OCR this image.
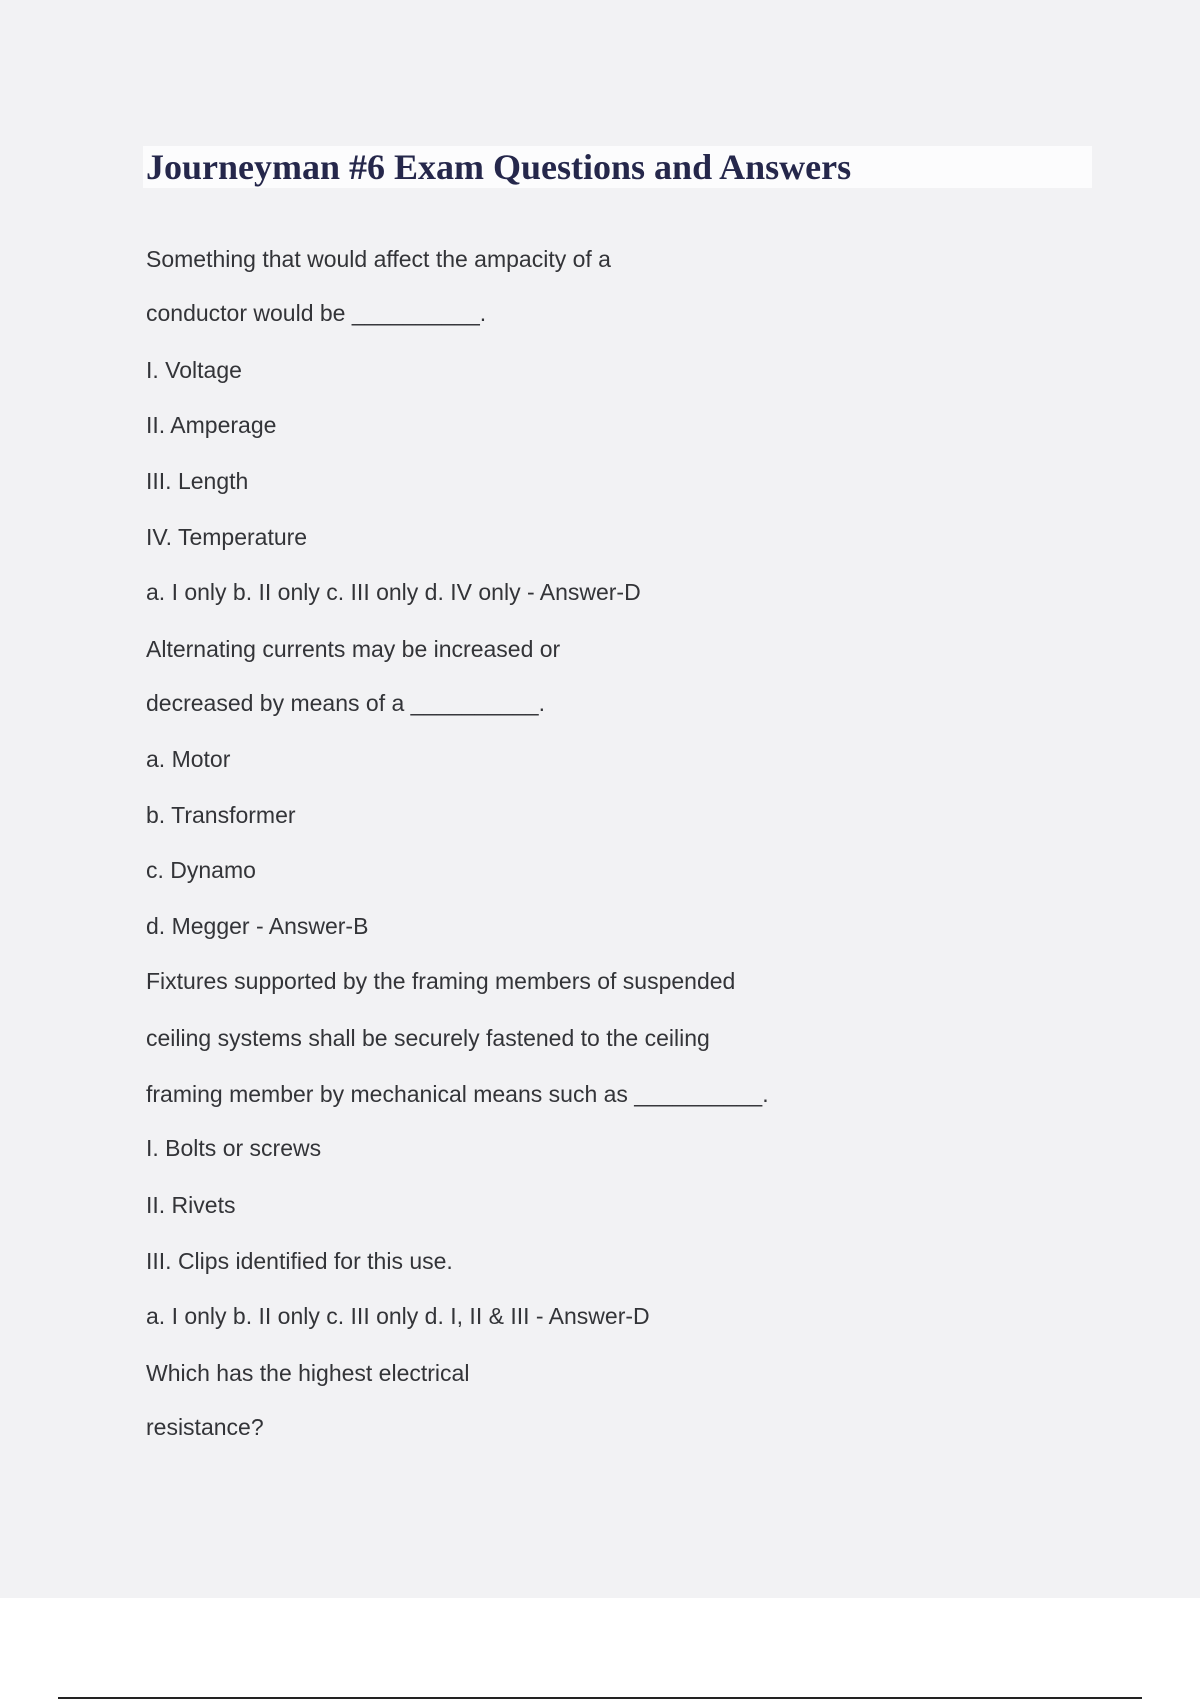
Journeyman #6 Exam Questions and Answers

Something that would affect the ampacity of a

conductor would be __________.

I. Voltage

II. Amperage

III. Length

IV. Temperature

a. I only b. II only c. III only d. IV only - Answer-D

Alternating currents may be increased or

decreased by means of a __________.

a. Motor

b. Transformer

c. Dynamo

d. Megger - Answer-B

Fixtures supported by the framing members of suspended

ceiling systems shall be securely fastened to the ceiling

framing member by mechanical means such as __________.

I. Bolts or screws

II. Rivets

III. Clips identified for this use.

a. I only b. II only c. III only d. I, II & III - Answer-D

Which has the highest electrical

resistance?
